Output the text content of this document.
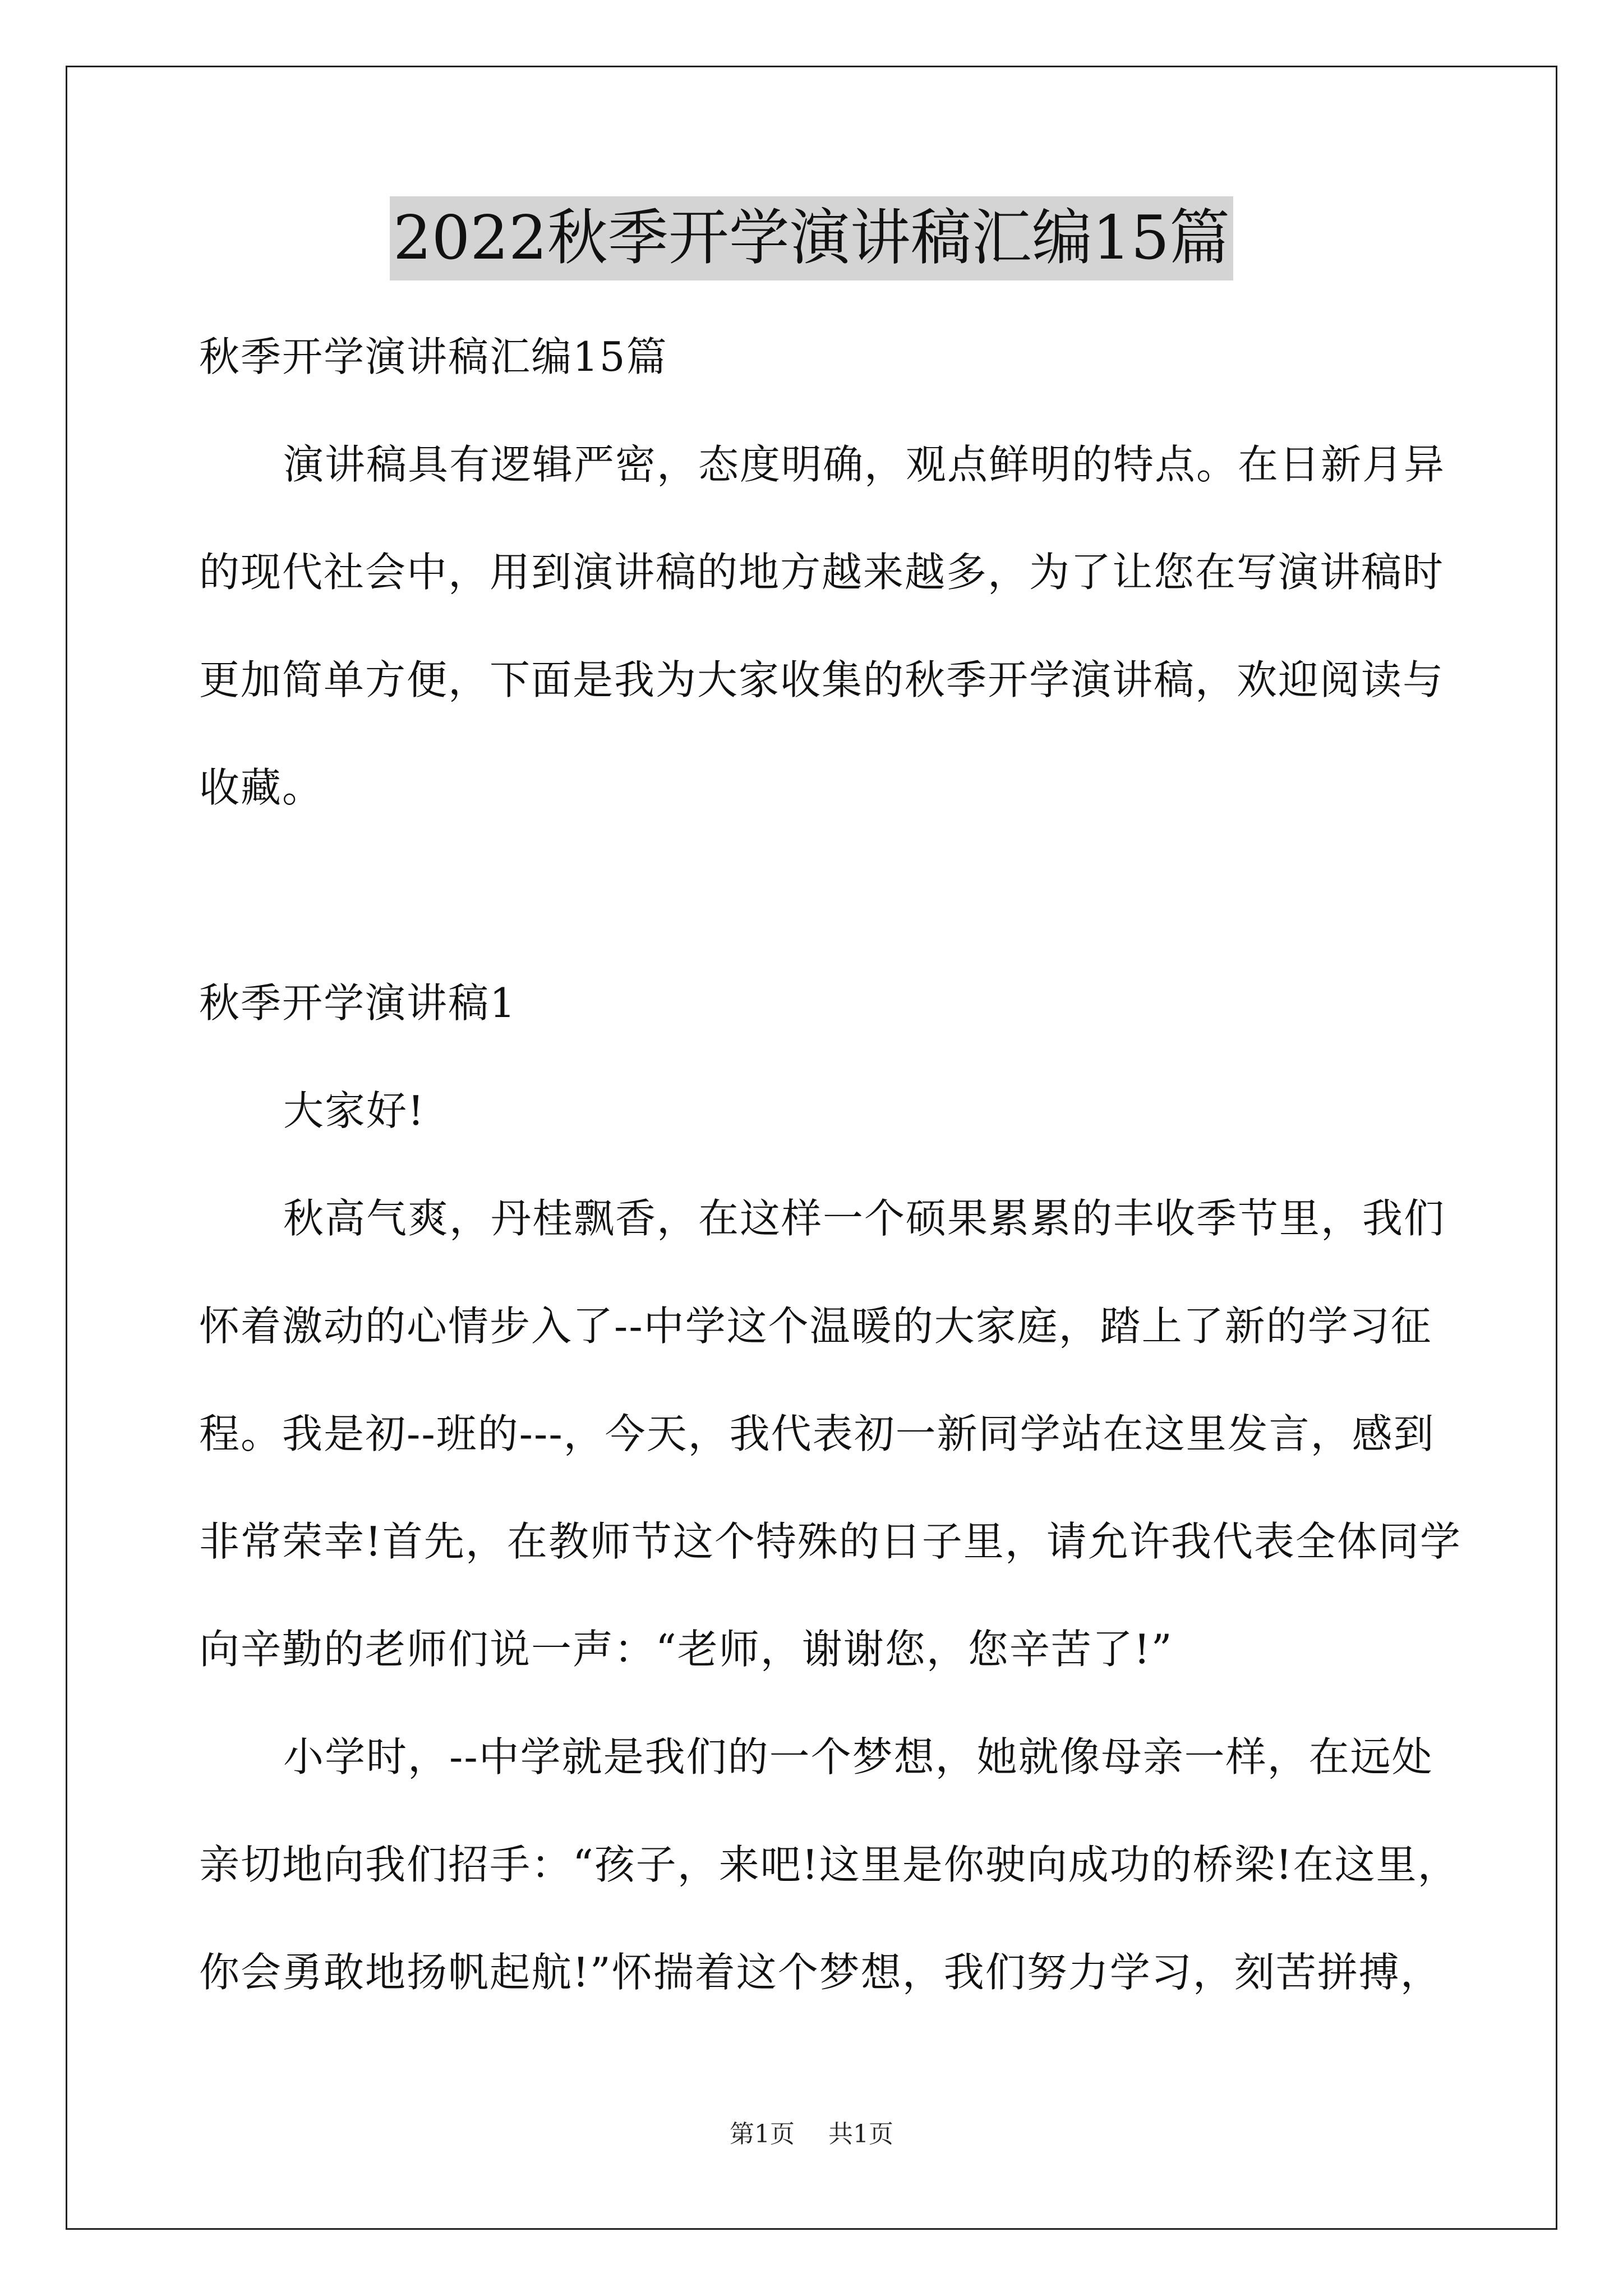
2022秋季开学演讲稿汇编15篇
秋季开学演讲稿汇编15篇
演讲稿具有逻辑严密，态度明确，观点鲜明的特点。在日新月异
的现代社会中，用到演讲稿的地方越来越多，为了让您在写演讲稿时
更加简单方便，下面是我为大家收集的秋季开学演讲稿，欢迎阅读与
收藏。
秋季开学演讲稿1
大家好!
秋高气爽，丹桂飘香，在这样一个硕果累累的丰收季节里，我们
怀着激动的心情步入了--中学这个温暖的大家庭，踏上了新的学习征
程。我是初--班的---，今天，我代表初一新同学站在这里发言，感到
非常荣幸!首先，在教师节这个特殊的日子里，请允许我代表全体同学
向辛勤的老师们说一声：“老师，谢谢您，您辛苦了!”
小学时，--中学就是我们的一个梦想，她就像母亲一样，在远处
亲切地向我们招手：“孩子，来吧!这里是你驶向成功的桥梁!在这里，
你会勇敢地扬帆起航!”怀揣着这个梦想，我们努力学习，刻苦拼搏，
第1页 共1页
